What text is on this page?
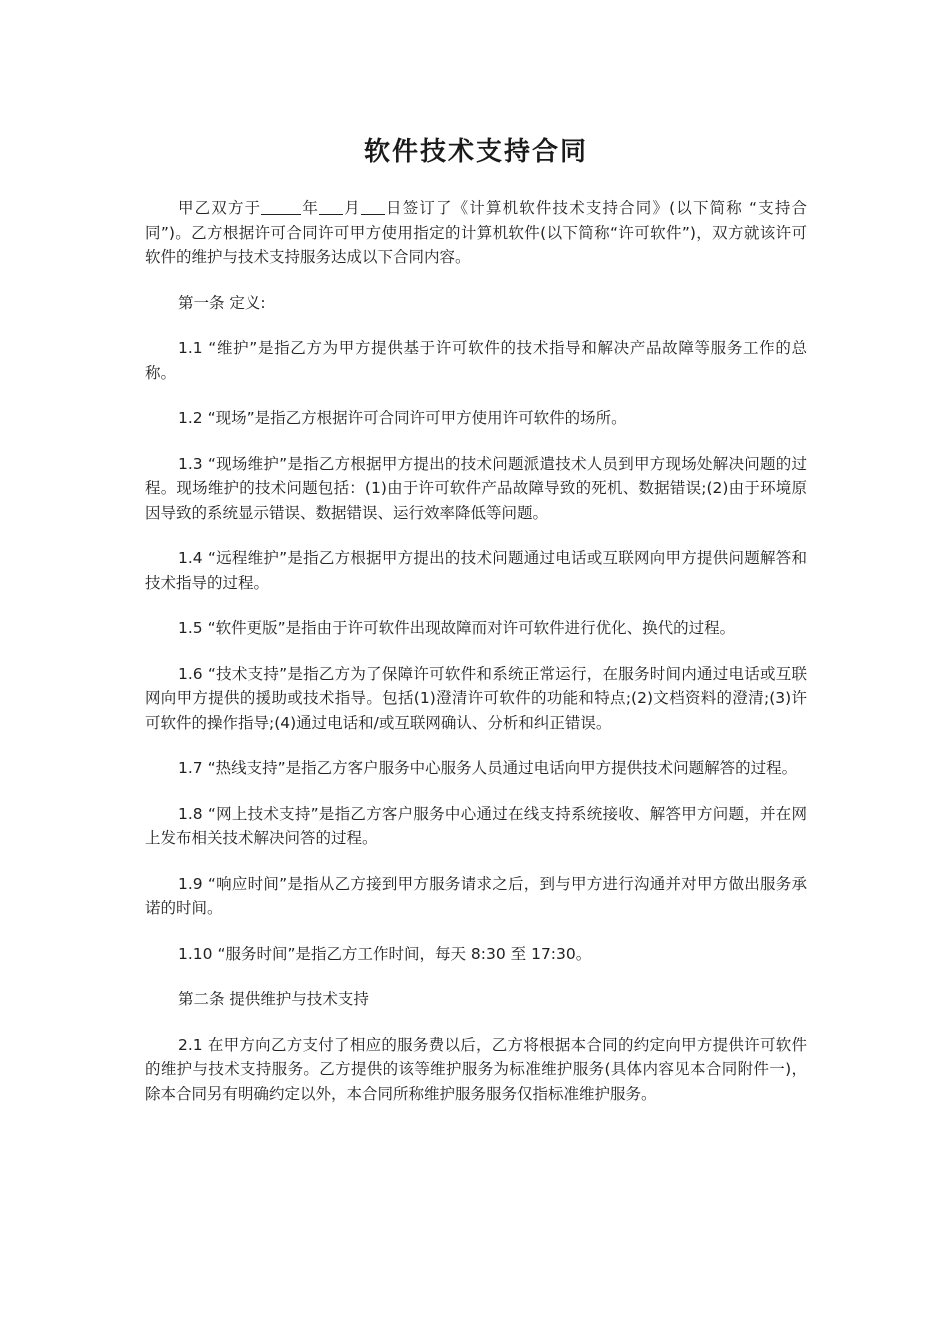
软件技术支持合同

甲乙双方于	年 月 日签订了《计算机软件技术支持合同》(以下简称 “支持合同”)。乙方根据许可合同许可甲方使用指定的计算机软件(以下简称“许可软件”)，双方就该许可软件的维护与技术支持服务达成以下合同内容。

第一条 定义:

1.1 “维护”是指乙方为甲方提供基于许可软件的技术指导和解决产品故障等服务工作的总称。

1.2 “现场”是指乙方根据许可合同许可甲方使用许可软件的场所。

1.3 “现场维护”是指乙方根据甲方提出的技术问题派遣技术人员到甲方现场处解决问题的过程。现场维护的技术问题包括：(1)由于许可软件产品故障导致的死机、数据错误;(2)由于环境原因导致的系统显示错误、数据错误、运行效率降低等问题。

1.4 “远程维护”是指乙方根据甲方提出的技术问题通过电话或互联网向甲方提供问题解答和技术指导的过程。

1.5 “软件更版”是指由于许可软件出现故障而对许可软件进行优化、换代的过程。

1.6 “技术支持”是指乙方为了保障许可软件和系统正常运行，在服务时间内通过电话或互联网向甲方提供的援助或技术指导。包括(1)澄清许可软件的功能和特点;(2)文档资料的澄清;(3)许可软件的操作指导;(4)通过电话和/或互联网确认、分析和纠正错误。

1.7 “热线支持”是指乙方客户服务中心服务人员通过电话向甲方提供技术问题解答的过程。

1.8 “网上技术支持”是指乙方客户服务中心通过在线支持系统接收、解答甲方问题，并在网上发布相关技术解决问答的过程。

1.9 “响应时间”是指从乙方接到甲方服务请求之后，到与甲方进行沟通并对甲方做出服务承诺的时间。

1.10 “服务时间”是指乙方工作时间，每天 8:30 至 17:30。

第二条 提供维护与技术支持

2.1 在甲方向乙方支付了相应的服务费以后，乙方将根据本合同的约定向甲方提供许可软件的维护与技术支持服务。乙方提供的该等维护服务为标准维护服务(具体内容见本合同附件一)，除本合同另有明确约定以外，本合同所称维护服务服务仅指标准维护服务。
